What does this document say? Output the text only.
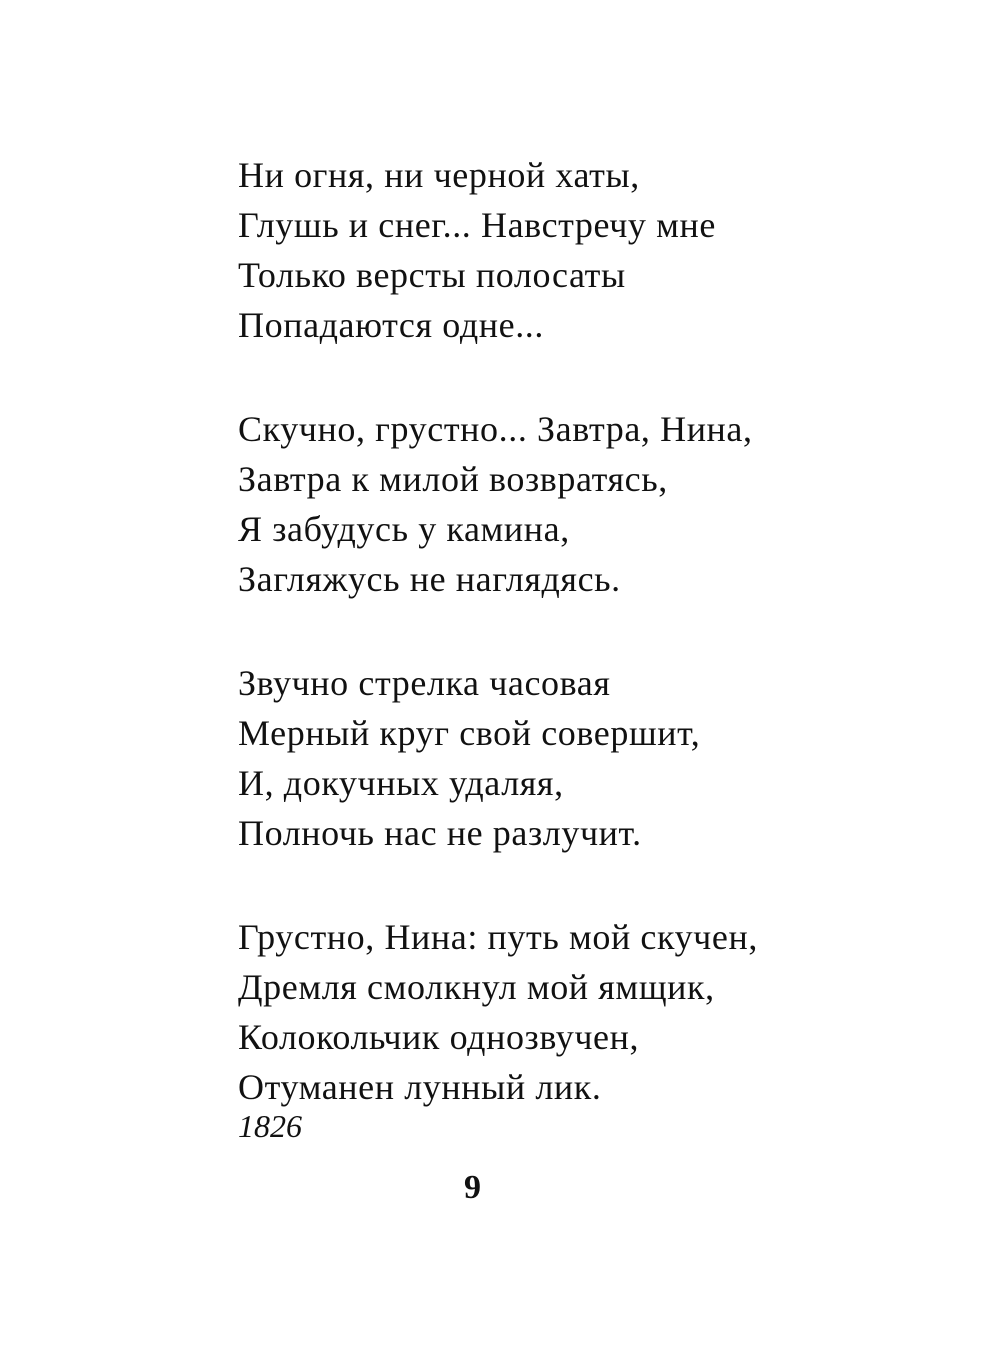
Ни огня, ни черной хаты,
Глушь и снег... Навстречу мне
Только версты полосаты
Попадаются одне...
Скучно, грустно... Завтра, Нина,
Завтра к милой возвратясь,
Я забудусь у камина,
Загляжусь не наглядясь.
Звучно стрелка часовая
Мерный круг свой совершит,
И, докучных удаляя,
Полночь нас не разлучит.
Грустно, Нина: путь мой скучен,
Дремля смолкнул мой ямщик,
Колокольчик однозвучен,
Отуманен лунный лик.
1826
9
